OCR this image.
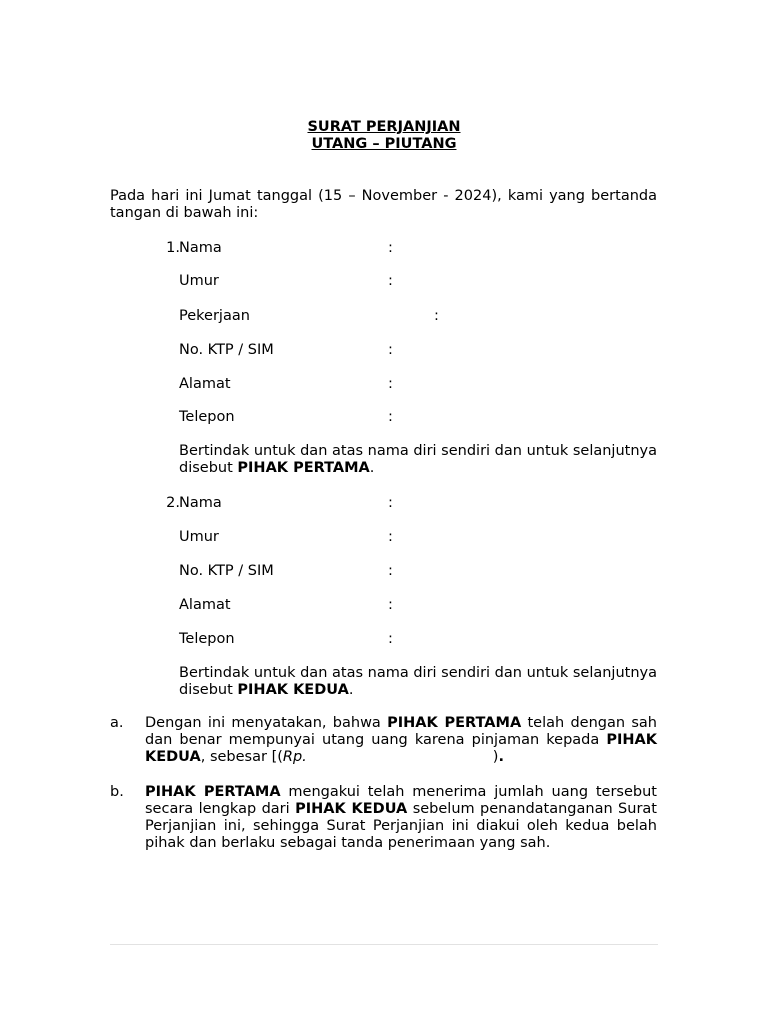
SURAT PERJANJIAN
UTANG – PIUTANG
Pada hari ini Jumat tanggal (15 – November - 2024), kami yang bertanda tangan di bawah ini:
1. Nama	:
Umur	:
Pekerjaan	:
No. KTP / SIM	:
Alamat	:
Telepon	:
Bertindak untuk dan atas nama diri sendiri dan untuk selanjutnya disebut PIHAK PERTAMA.
2. Nama	:
Umur	:
No. KTP / SIM	:
Alamat	:
Telepon	:
Bertindak untuk dan atas nama diri sendiri dan untuk selanjutnya disebut PIHAK KEDUA.
a. Dengan ini menyatakan, bahwa PIHAK PERTAMA telah dengan sah dan benar mempunyai utang uang karena pinjaman kepada PIHAK KEDUA, sebesar [(Rp.	).
b. PIHAK PERTAMA mengakui telah menerima jumlah uang tersebut secara lengkap dari PIHAK KEDUA sebelum penandatanganan Surat Perjanjian ini, sehingga Surat Perjanjian ini diakui oleh kedua belah pihak dan berlaku sebagai tanda penerimaan yang sah.
